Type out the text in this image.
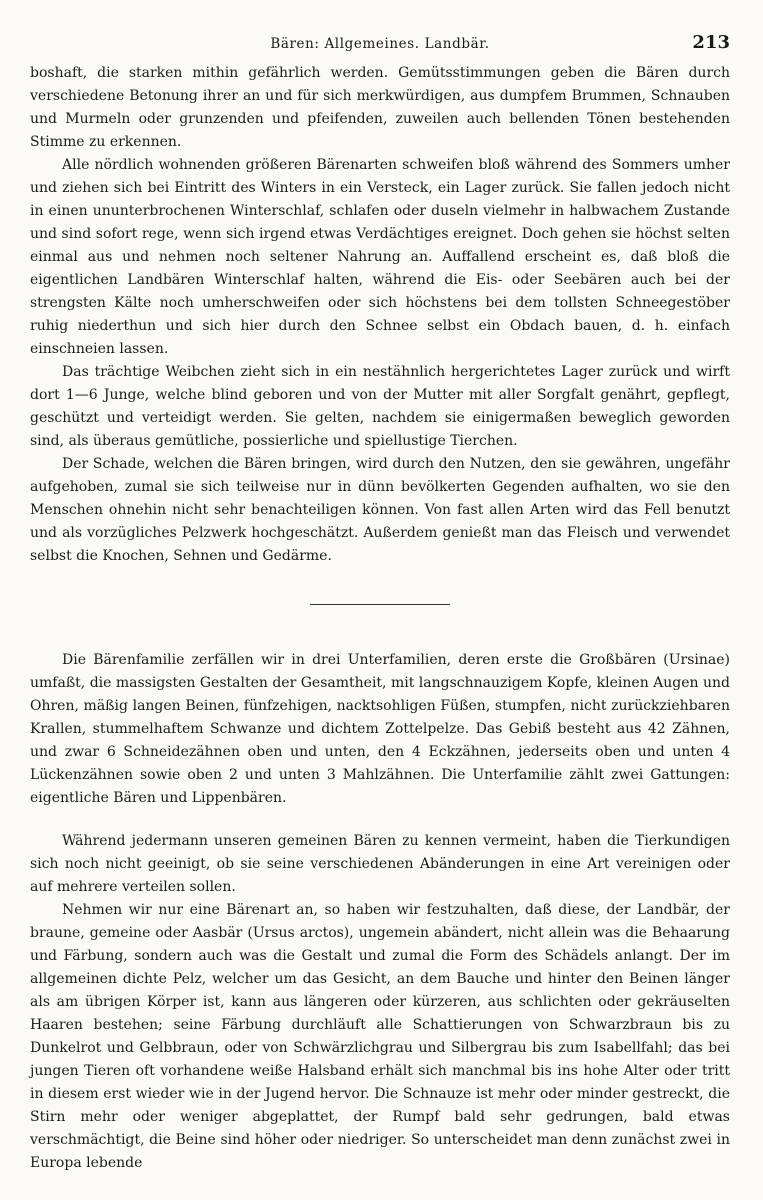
Bären: Allgemeines. Landbär.	213

boshaft, die starken mithin gefährlich werden. Gemütsstimmungen geben die Bären durch verschiedene Betonung ihrer an und für sich merkwürdigen, aus dumpfem Brummen, Schnauben und Murmeln oder grunzenden und pfeifenden, zuweilen auch bellenden Tönen bestehenden Stimme zu erkennen.

Alle nördlich wohnenden größeren Bärenarten schweifen bloß während des Sommers umher und ziehen sich bei Eintritt des Winters in ein Versteck, ein Lager zurück. Sie fallen jedoch nicht in einen ununterbrochenen Winterschlaf, schlafen oder duseln vielmehr in halbwachem Zustande und sind sofort rege, wenn sich irgend etwas Verdächtiges ereignet. Doch gehen sie höchst selten einmal aus und nehmen noch seltener Nahrung an. Auffallend erscheint es, daß bloß die eigentlichen Landbären Winterschlaf halten, während die Eis- oder Seebären auch bei der strengsten Kälte noch umherschweifen oder sich höchstens bei dem tollsten Schneegestöber ruhig niederthun und sich hier durch den Schnee selbst ein Obdach bauen, d. h. einfach einschneien lassen.

Das trächtige Weibchen zieht sich in ein nestähnlich hergerichtetes Lager zurück und wirft dort 1—6 Junge, welche blind geboren und von der Mutter mit aller Sorgfalt genährt, gepflegt, geschützt und verteidigt werden. Sie gelten, nachdem sie einigermaßen beweglich geworden sind, als überaus gemütliche, possierliche und spiellustige Tierchen.

Der Schade, welchen die Bären bringen, wird durch den Nutzen, den sie gewähren, ungefähr aufgehoben, zumal sie sich teilweise nur in dünn bevölkerten Gegenden aufhalten, wo sie den Menschen ohnehin nicht sehr benachteiligen können. Von fast allen Arten wird das Fell benutzt und als vorzügliches Pelzwerk hochgeschätzt. Außerdem genießt man das Fleisch und verwendet selbst die Knochen, Sehnen und Gedärme.

Die Bärenfamilie zerfällen wir in drei Unterfamilien, deren erste die Großbären (Ursinae) umfaßt, die massigsten Gestalten der Gesamtheit, mit langschnauzigem Kopfe, kleinen Augen und Ohren, mäßig langen Beinen, fünfzehigen, nacktsohligen Füßen, stumpfen, nicht zurückziehbaren Krallen, stummelhaftem Schwanze und dichtem Zottelpelze. Das Gebiß besteht aus 42 Zähnen, und zwar 6 Schneidezähnen oben und unten, den 4 Eckzähnen, jederseits oben und unten 4 Lückenzähnen sowie oben 2 und unten 3 Mahlzähnen. Die Unterfamilie zählt zwei Gattungen: eigentliche Bären und Lippenbären.

Während jedermann unseren gemeinen Bären zu kennen vermeint, haben die Tierkundigen sich noch nicht geeinigt, ob sie seine verschiedenen Abänderungen in eine Art vereinigen oder auf mehrere verteilen sollen.

Nehmen wir nur eine Bärenart an, so haben wir festzuhalten, daß diese, der Landbär, der braune, gemeine oder Aasbär (Ursus arctos), ungemein abändert, nicht allein was die Behaarung und Färbung, sondern auch was die Gestalt und zumal die Form des Schädels anlangt. Der im allgemeinen dichte Pelz, welcher um das Gesicht, an dem Bauche und hinter den Beinen länger als am übrigen Körper ist, kann aus längeren oder kürzeren, aus schlichten oder gekräuselten Haaren bestehen; seine Färbung durchläuft alle Schattierungen von Schwarzbraun bis zu Dunkelrot und Gelbbraun, oder von Schwärzlichgrau und Silbergrau bis zum Isabellfahl; das bei jungen Tieren oft vorhandene weiße Halsband erhält sich manchmal bis ins hohe Alter oder tritt in diesem erst wieder wie in der Jugend hervor. Die Schnauze ist mehr oder minder gestreckt, die Stirn mehr oder weniger abgeplattet, der Rumpf bald sehr gedrungen, bald etwas verschmächtigt, die Beine sind höher oder niedriger. So unterscheidet man denn zunächst zwei in Europa lebende
